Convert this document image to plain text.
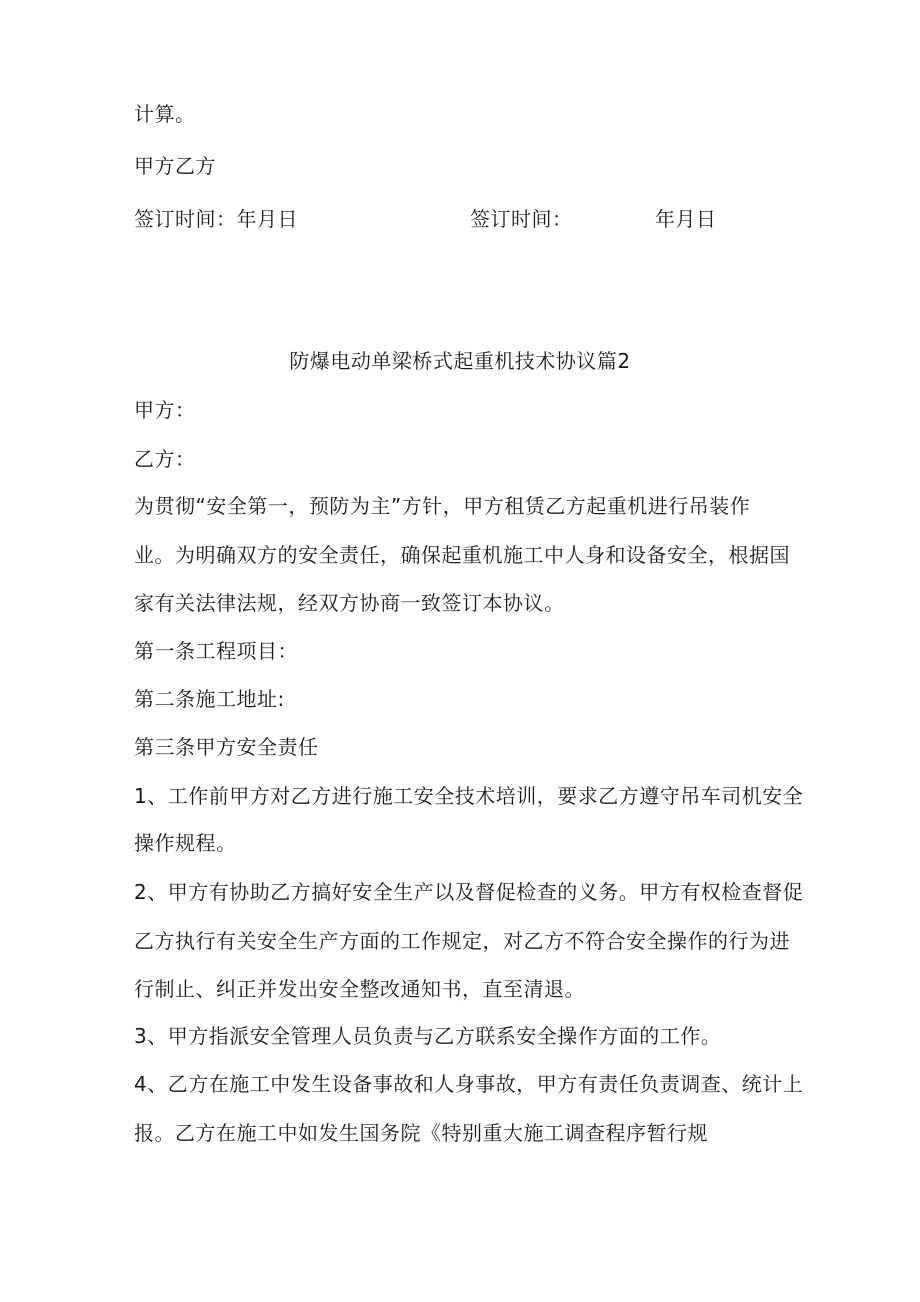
计算。
甲方乙方
签订时间：年月日	签订时间：	年月日
防爆电动单梁桥式起重机技术协议篇2
甲方：
乙方：
为贯彻“安全第一，预防为主”方针，甲方租赁乙方起重机进行吊装作
业。为明确双方的安全责任，确保起重机施工中人身和设备安全，根据国
家有关法律法规，经双方协商一致签订本协议。
第一条工程项目：
第二条施工地址:
第三条甲方安全责任
1、工作前甲方对乙方进行施工安全技术培训，要求乙方遵守吊车司机安全
操作规程。
2、甲方有协助乙方搞好安全生产以及督促检查的义务。甲方有权检查督促
乙方执行有关安全生产方面的工作规定，对乙方不符合安全操作的行为进
行制止、纠正并发出安全整改通知书，直至清退。
3、甲方指派安全管理人员负责与乙方联系安全操作方面的工作。
4、乙方在施工中发生设备事故和人身事故，甲方有责任负责调查、统计上
报。乙方在施工中如发生国务院《特别重大施工调查程序暂行规
